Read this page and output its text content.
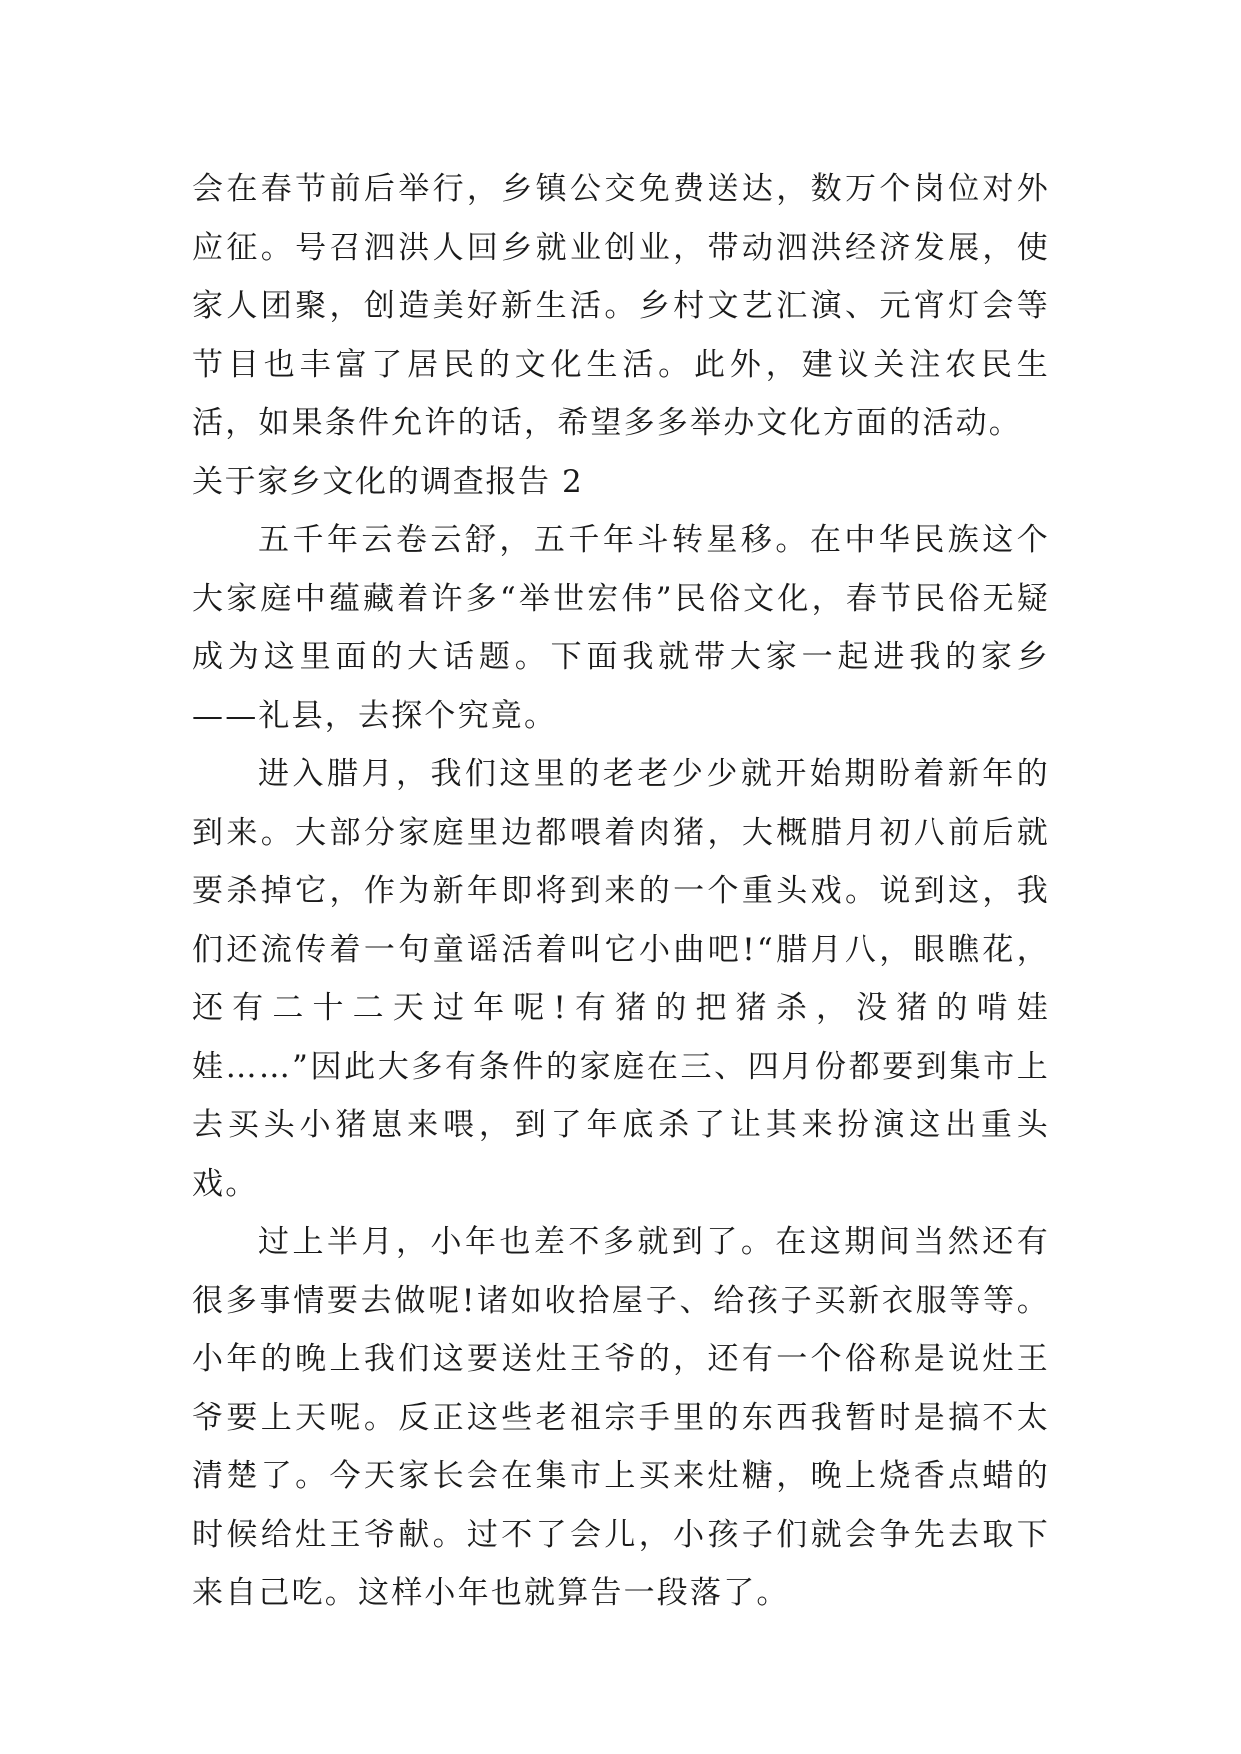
会在春节前后举行，乡镇公交免费送达，数万个岗位对外应征。号召泗洪人回乡就业创业，带动泗洪经济发展，使家人团聚，创造美好新生活。乡村文艺汇演、元宵灯会等节目也丰富了居民的文化生活。此外，建议关注农民生活，如果条件允许的话，希望多多举办文化方面的活动。

关于家乡文化的调查报告 2

五千年云卷云舒，五千年斗转星移。在中华民族这个大家庭中蕴藏着许多“举世宏伟”民俗文化，春节民俗无疑成为这里面的大话题。下面我就带大家一起进我的家乡——礼县，去探个究竟。

进入腊月，我们这里的老老少少就开始期盼着新年的到来。大部分家庭里边都喂着肉猪，大概腊月初八前后就要杀掉它，作为新年即将到来的一个重头戏。说到这，我们还流传着一句童谣活着叫它小曲吧!“腊月八，眼瞧花，还有二十二天过年呢!有猪的把猪杀，没猪的啃娃娃……”因此大多有条件的家庭在三、四月份都要到集市上去买头小猪崽来喂，到了年底杀了让其来扮演这出重头戏。

过上半月，小年也差不多就到了。在这期间当然还有很多事情要去做呢!诸如收拾屋子、给孩子买新衣服等等。小年的晚上我们这要送灶王爷的，还有一个俗称是说灶王爷要上天呢。反正这些老祖宗手里的东西我暂时是搞不太清楚了。今天家长会在集市上买来灶糖，晚上烧香点蜡的时候给灶王爷献。过不了会儿，小孩子们就会争先去取下来自己吃。这样小年也就算告一段落了。
